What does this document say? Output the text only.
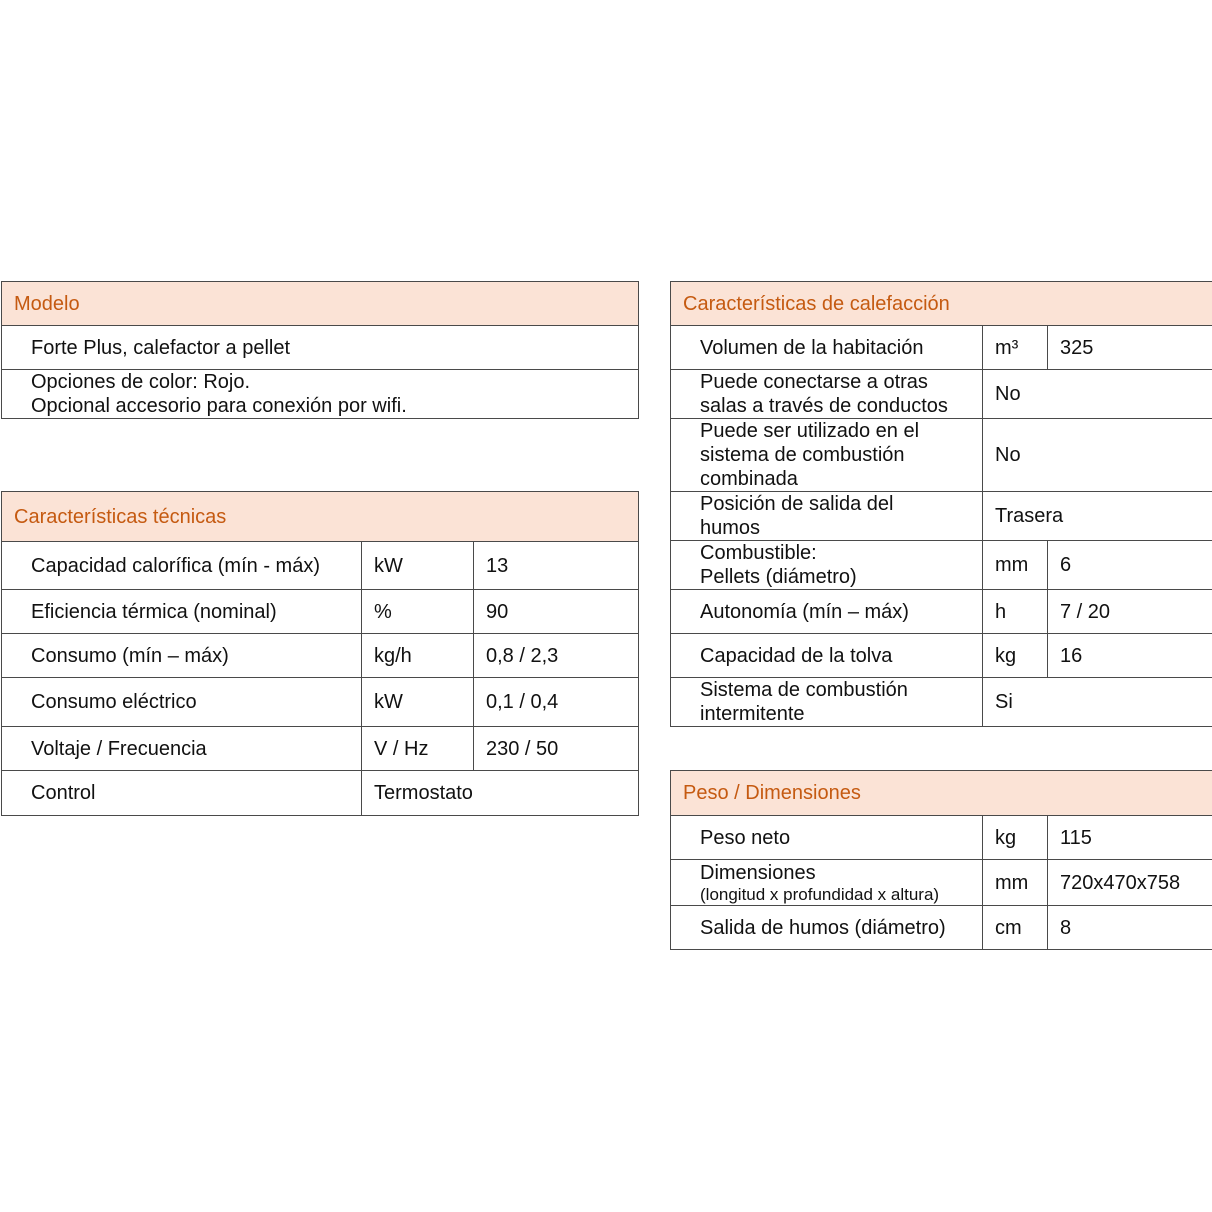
Modelo
Forte Plus, calefactor a pellet

Opciones de color: Rojo.
Opcional accesorio para conexión por wifi.
Características técnicas		
Capacidad calorífica (mín - máx)	kW	13
Eficiencia térmica (nominal)	%	90
Consumo (mín – máx)	kg/h	0,8 / 2,3
Consumo eléctrico	kW	0,1 / 0,4
Voltaje / Frecuencia	V / Hz	230 / 50
Control	Termostato	
Características de calefacción		
Volumen de la habitación	m³	325

Puede conectarse a otras
salas a través de conductos	No	

Puede ser utilizado en el
sistema de combustión
combinada	No	

Posición de salida del
humos	Trasera	

Combustible:
Pellets (diámetro)	mm	6
Autonomía (mín – máx)	h	7 / 20
Capacidad de la tolva	kg	16

Sistema de combustión
intermitente	Si	
Peso / Dimensiones		
Peso neto	kg	115

Dimensiones
(longitud x profundidad x altura)	mm	720x470x758
Salida de humos (diámetro)	cm	8
